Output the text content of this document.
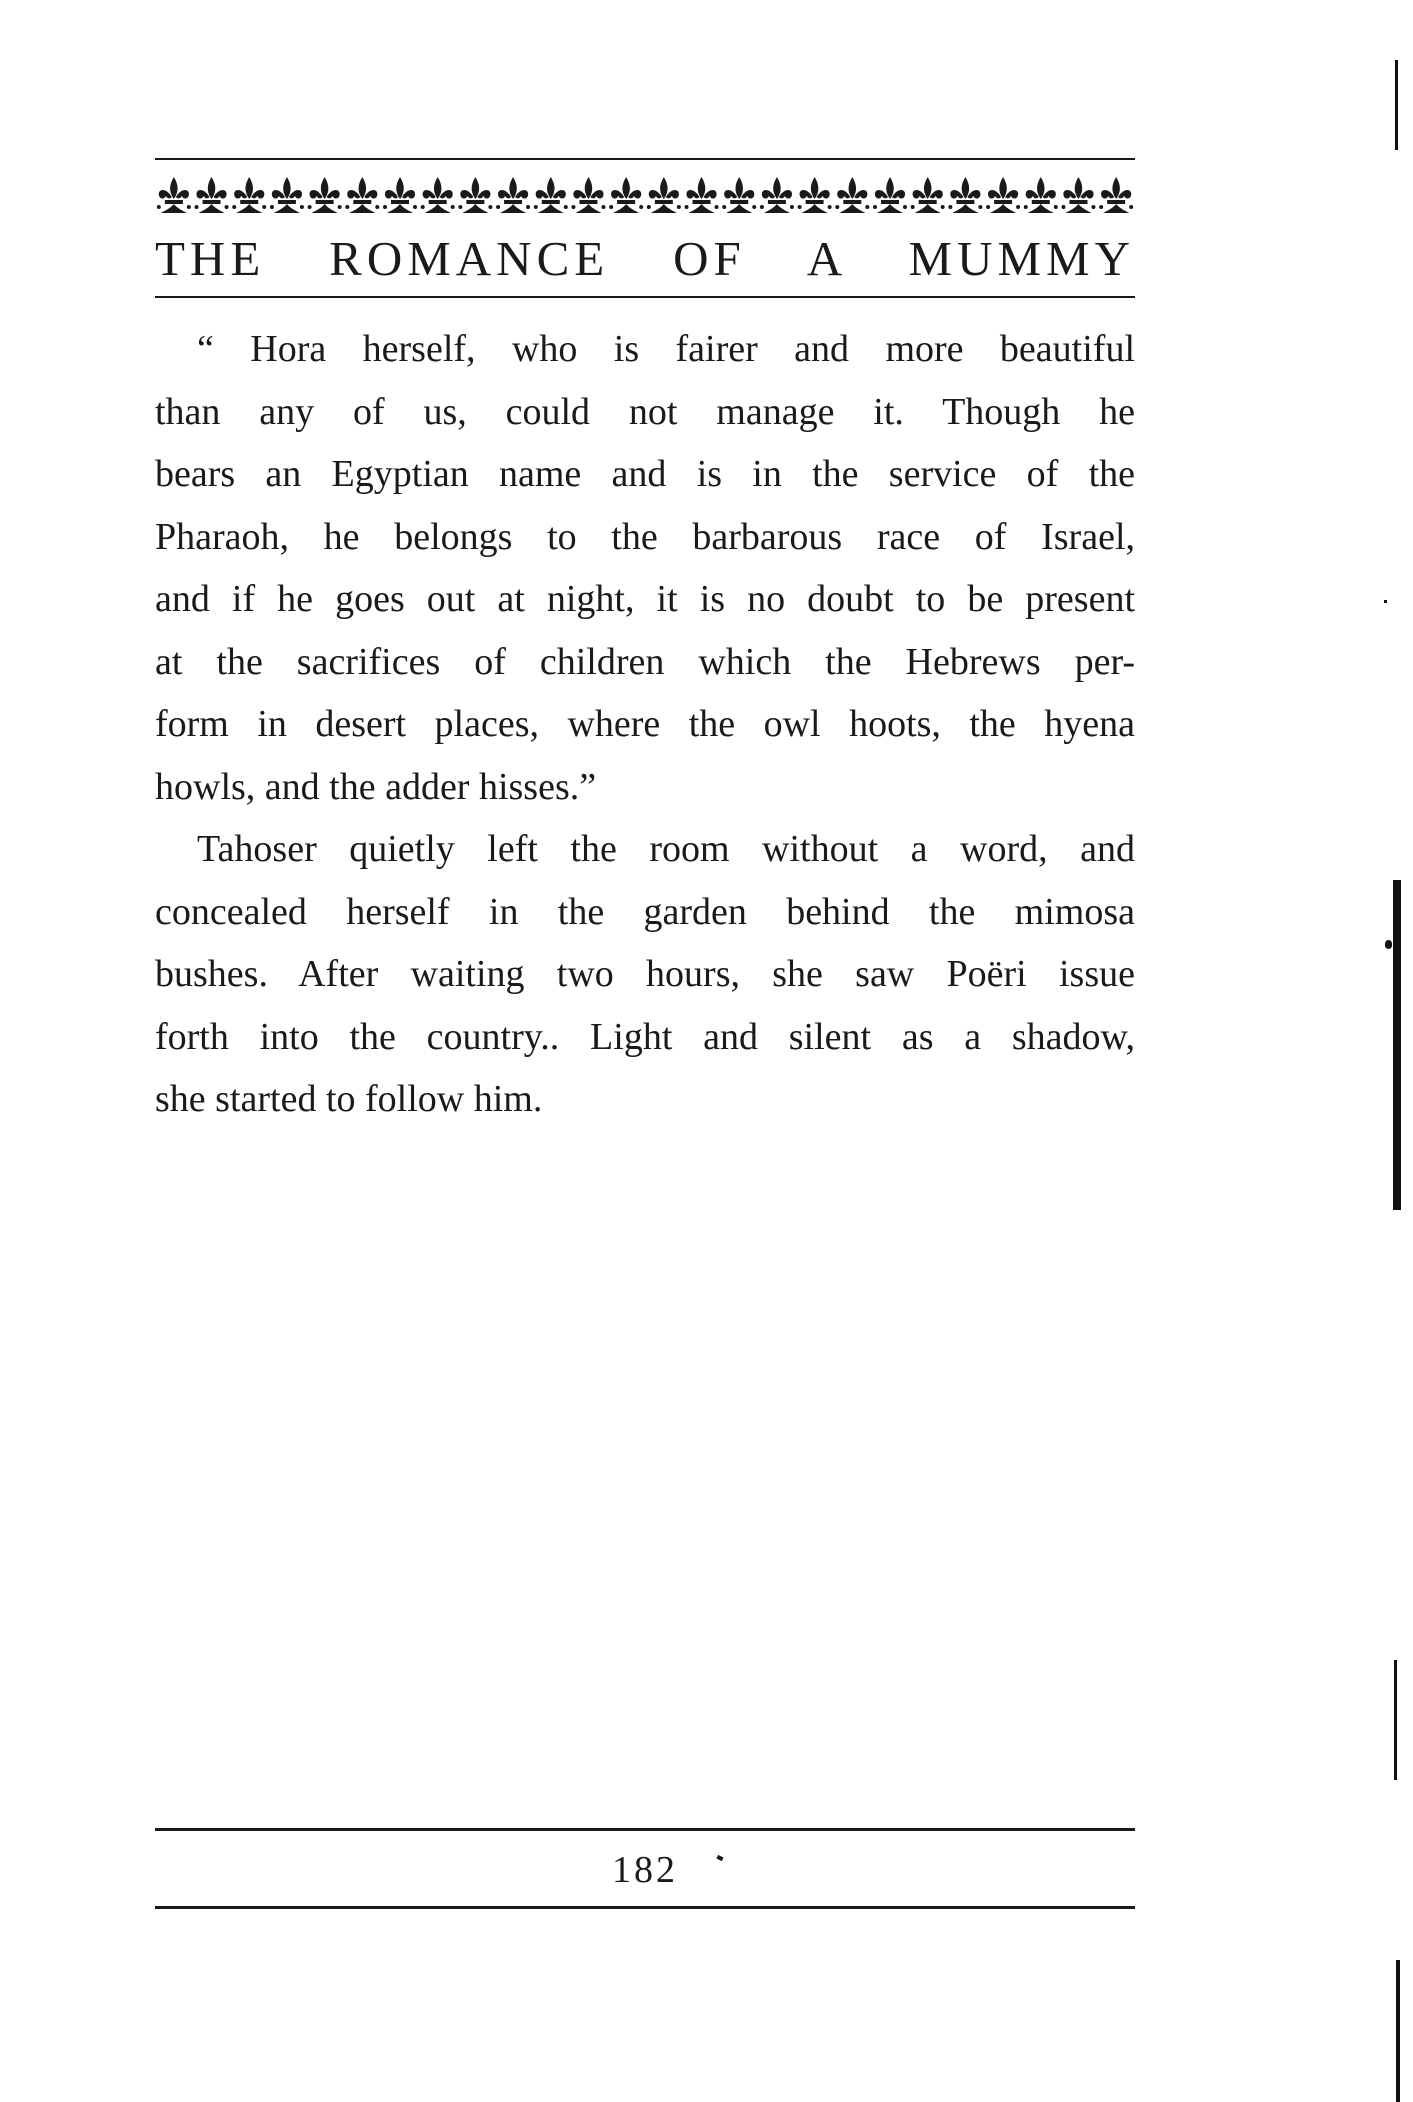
THE ROMANCE OF A MUMMY
“ Hora herself, who is fairer and more beautiful
than any of us, could not manage it. Though he
bears an Egyptian name and is in the service of the
Pharaoh, he belongs to the barbarous race of Israel,
and if he goes out at night, it is no doubt to be present
at the sacrifices of children which the Hebrews per-
form in desert places, where the owl hoots, the hyena
howls, and the adder hisses.”
Tahoser quietly left the room without a word, and
concealed herself in the garden behind the mimosa
bushes. After waiting two hours, she saw Poëri issue
forth into the country.. Light and silent as a shadow,
she started to follow him.
182
